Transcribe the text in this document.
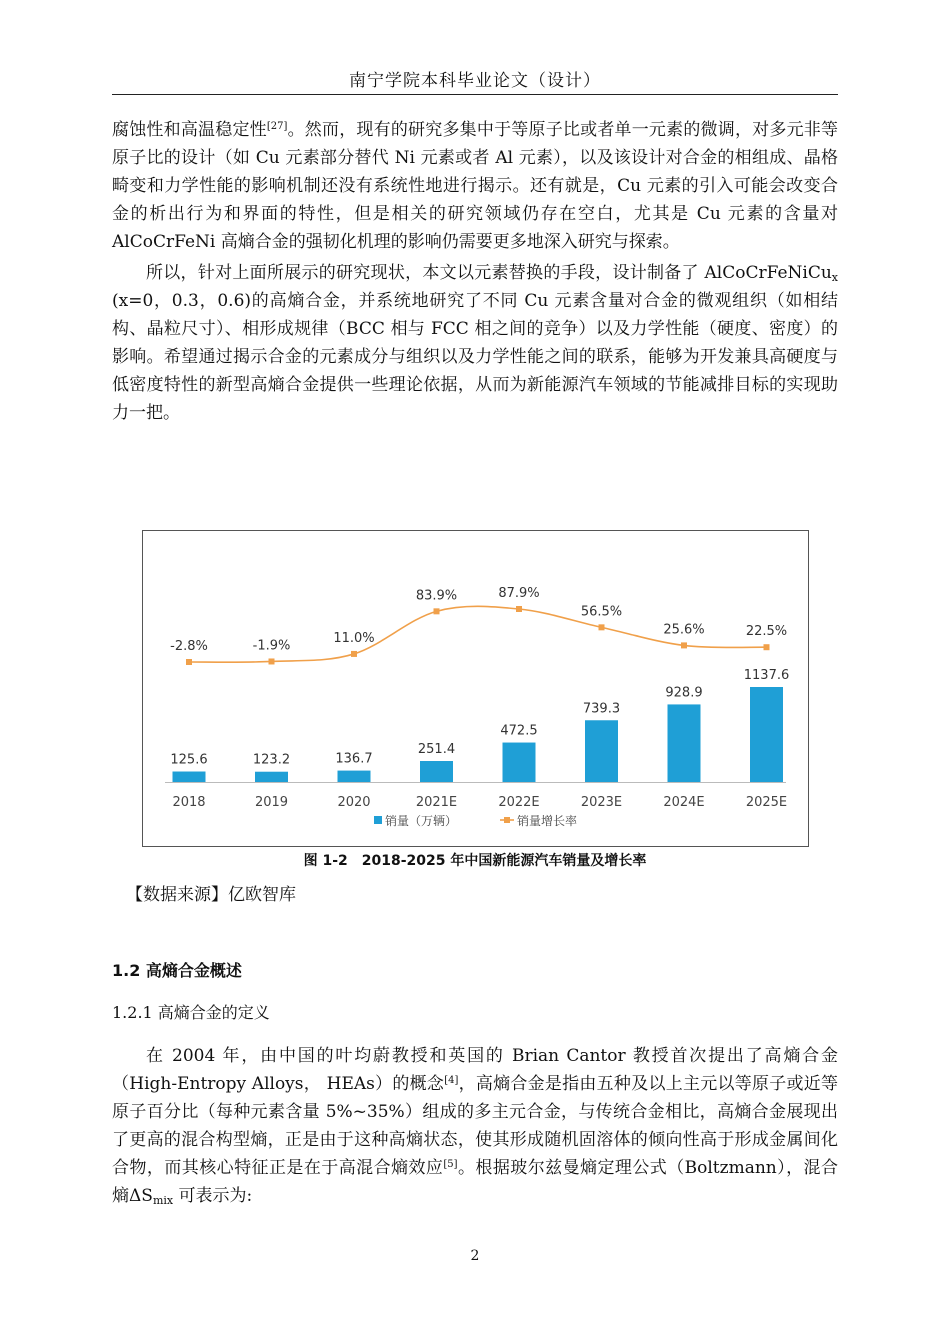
南宁学院本科毕业论文（设计）

腐蚀性和高温稳定性[27]。然而，现有的研究多集中于等原子比或者单一元素的微调，对多元非等原子比的设计（如 Cu 元素部分替代 Ni 元素或者 Al 元素），以及该设计对合金的相组成、晶格畸变和力学性能的影响机制还没有系统性地进行揭示。还有就是，Cu 元素的引入可能会改变合金的析出行为和界面的特性，但是相关的研究领域仍存在空白，尤其是 Cu 元素的含量对 AlCoCrFeNi 高熵合金的强韧化机理的影响仍需要更多地深入研究与探索。

所以，针对上面所展示的研究现状，本文以元素替换的手段，设计制备了 AlCoCrFeNiCu$_x$ (x=0，0.3，0.6)的高熵合金，并系统地研究了不同 Cu 元素含量对合金的微观组织（如相结构、晶粒尺寸）、相形成规律（BCC 相与 FCC 相之间的竞争）以及力学性能（硬度、密度）的影响。希望通过揭示合金的元素成分与组织以及力学性能之间的联系，能够为开发兼具高硬度与低密度特性的新型高熵合金提供一些理论依据，从而为新能源汽车领域的节能减排目标的实现助力一把。

125.6
2018
123.2
2019
136.7
2020
251.4
2021E
472.5
2022E
739.3
2023E
928.9
2024E
1137.6
2025E
-2.8%	-1.9%
11.0%
83.9%	87.9%
56.5%
25.6%	22.5%
销量（万辆）	销量增长率
图 1-2　2018-2025 年中国新能源汽车销量及增长率
【数据来源】亿欧智库
1.2 高熵合金概述
1.2.1 高熵合金的定义

在 2004 年，由中国的叶均蔚教授和英国的 Brian Cantor 教授首次提出了高熵合金（High-Entropy Alloys， HEAs）的概念[4]，高熵合金是指由五种及以上主元以等原子或近等原子百分比（每种元素含量 5%~35%）组成的多主元合金，与传统合金相比，高熵合金展现出了更高的混合构型熵，正是由于这种高熵状态，使其形成随机固溶体的倾向性高于形成金属间化合物，而其核心特征正是在于高混合熵效应[5]。根据玻尔兹曼熵定理公式（Boltzmann），混合熵$\Delta S_{mix}$ 可表示为:

2
